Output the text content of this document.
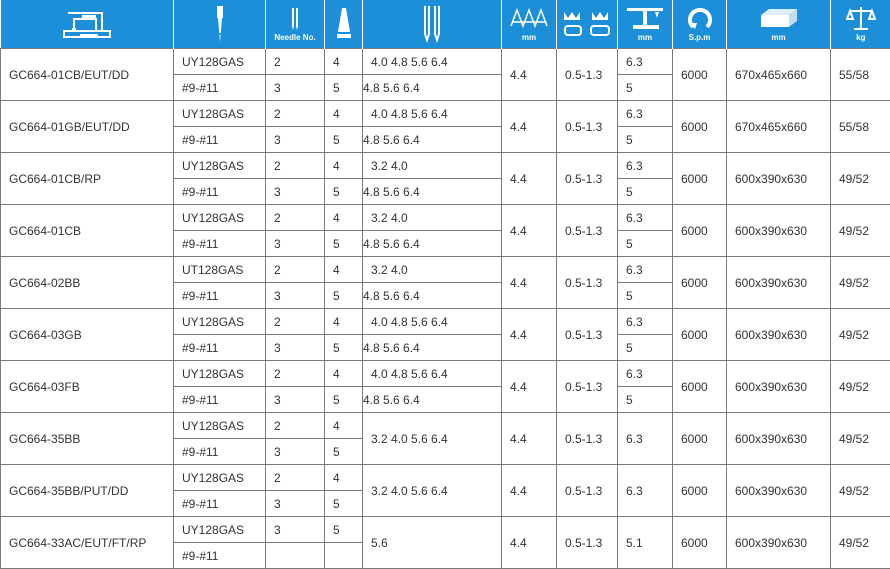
Needle No.			mm		mm	S.p.m	mm	kg

GC664-01CB/EUT/DD	UY128GAS	2	4	4.0 4.8 5.6 6.4	4.4	0.5-1.3	6.3	6000	670x465x660	55/58
	#9-#11	3	5	4.8 5.6 6.4			5			
GC664-01GB/EUT/DD	UY128GAS	2	4	4.0 4.8 5.6 6.4	4.4	0.5-1.3	6.3	6000	670x465x660	55/58
	#9-#11	3	5	4.8 5.6 6.4			5			
GC664-01CB/RP	UY128GAS	2	4	3.2 4.0	4.4	0.5-1.3	6.3	6000	600x390x630	49/52
	#9-#11	3	5	4.8 5.6 6.4			5			
GC664-01CB	UY128GAS	2	4	3.2 4.0	4.4	0.5-1.3	6.3	6000	600x390x630	49/52
	#9-#11	3	5	4.8 5.6 6.4			5			
GC664-02BB	UT128GAS	2	4	3.2 4.0	4.4	0.5-1.3	6.3	6000	600x390x630	49/52
	#9-#11	3	5	4.8 5.6 6.4			5			
GC664-03GB	UY128GAS	2	4	4.0 4.8 5.6 6.4	4.4	0.5-1.3	6.3	6000	600x390x630	49/52
	#9-#11	3	5	4.8 5.6 6.4			5			
GC664-03FB	UY128GAS	2	4	4.0 4.8 5.6 6.4	4.4	0.5-1.3	6.3	6000	600x390x630	49/52
	#9-#11	3	5	4.8 5.6 6.4			5			
GC664-35BB	UY128GAS	2	4	3.2 4.0 5.6 6.4	4.4	0.5-1.3	6.3	6000	600x390x630	49/52
	#9-#11	3	5							
GC664-35BB/PUT/DD	UY128GAS	2	4	3.2 4.0 5.6 6.4	4.4	0.5-1.3	6.3	6000	600x390x630	49/52
	#9-#11	3	5							
GC664-33AC/EUT/FT/RP	UY128GAS	3	5	5.6	4.4	0.5-1.3	5.1	6000	600x390x630	49/52
	#9-#11									
